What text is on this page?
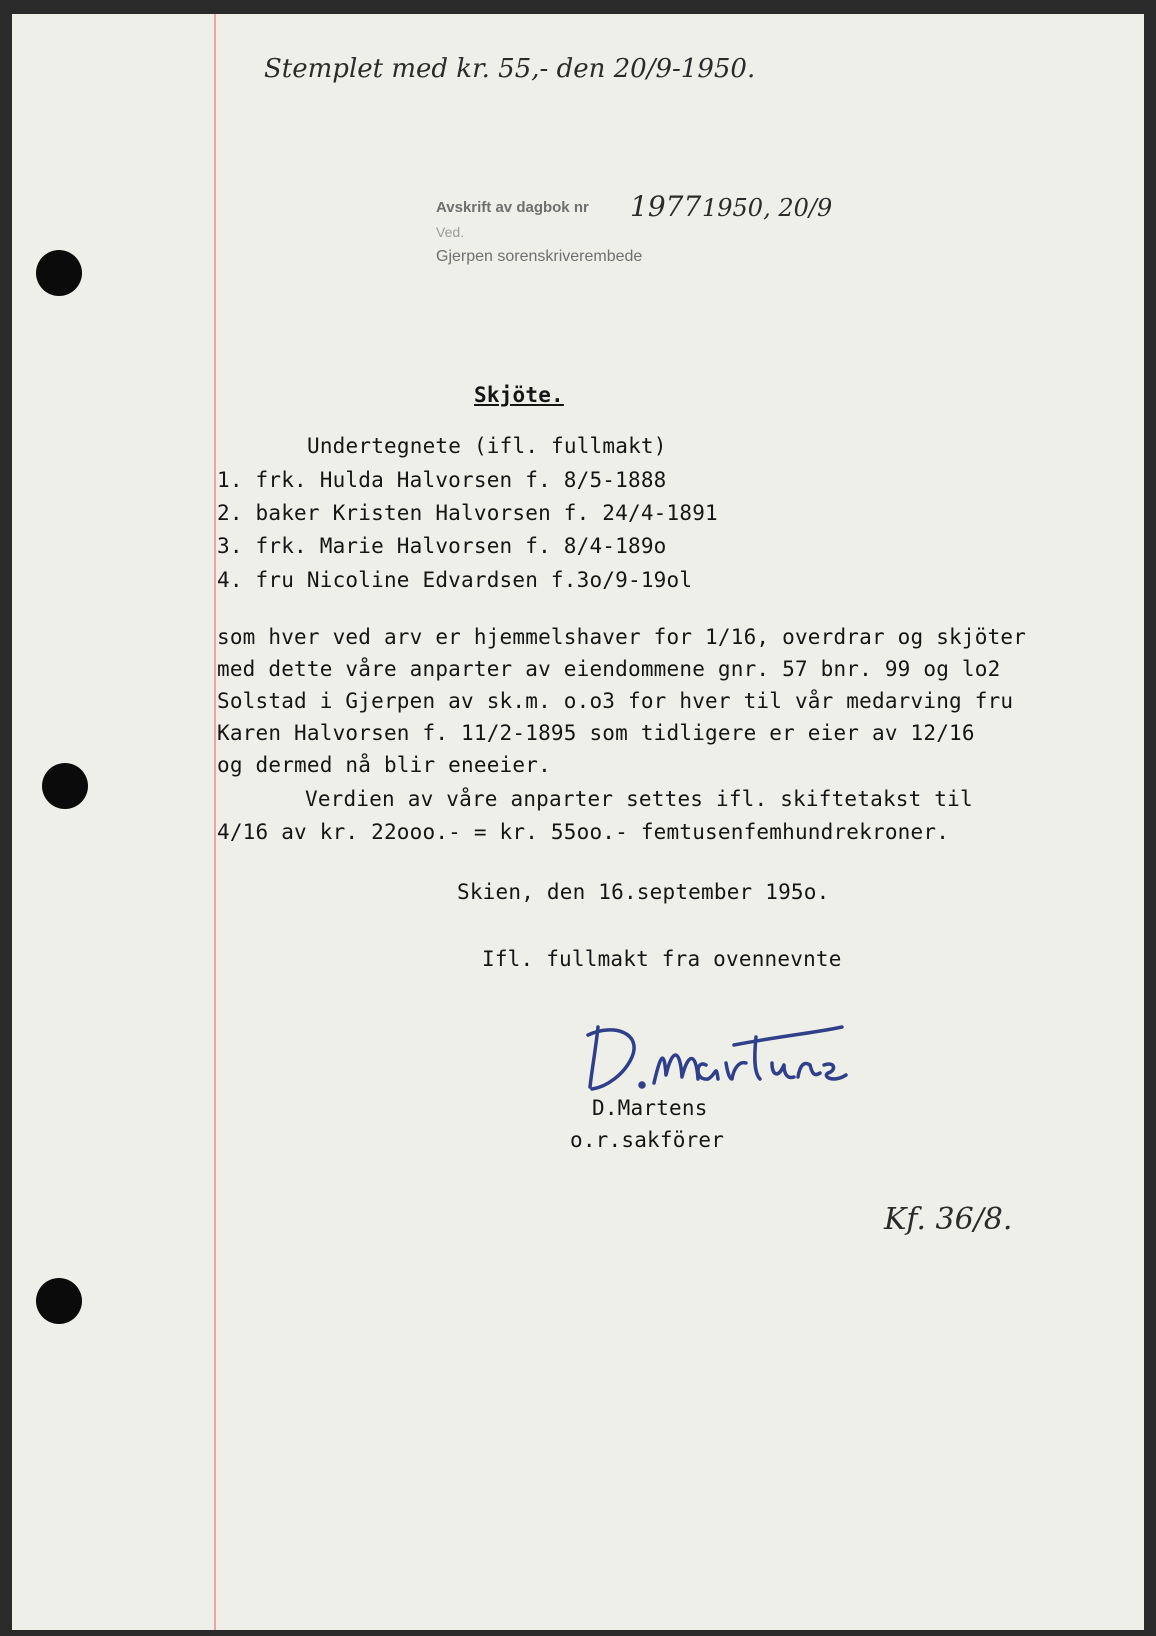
Stemplet med kr. 55,- den 20/9-1950.
Avskrift av dagbok nr 1977 1950, 20/9
Ved.
Gjerpen sorenskriverembede
Skjöte.
Undertegnete (ifl. fullmakt)
1. frk. Hulda Halvorsen f. 8/5-1888
2. baker Kristen Halvorsen f. 24/4-1891
3. frk. Marie Halvorsen f. 8/4-189o
4. fru Nicoline Edvardsen f.3o/9-19ol
som hver ved arv er hjemmelshaver for 1/16, overdrar og skjöter
med dette våre anparter av eiendommene gnr. 57 bnr. 99 og lo2
Solstad i Gjerpen av sk.m. o.o3 for hver til vår medarving fru
Karen Halvorsen f. 11/2-1895 som tidligere er eier av 12/16
og dermed nå blir eneeier.
Verdien av våre anparter settes ifl. skiftetakst til
4/16 av kr. 22ooo.- = kr. 55oo.- femtusenfemhundrekroner.
Skien, den 16.september 195o.
Ifl. fullmakt fra ovennevnte
D.Martens
o.r.sakförer
Kf. 36/8.
